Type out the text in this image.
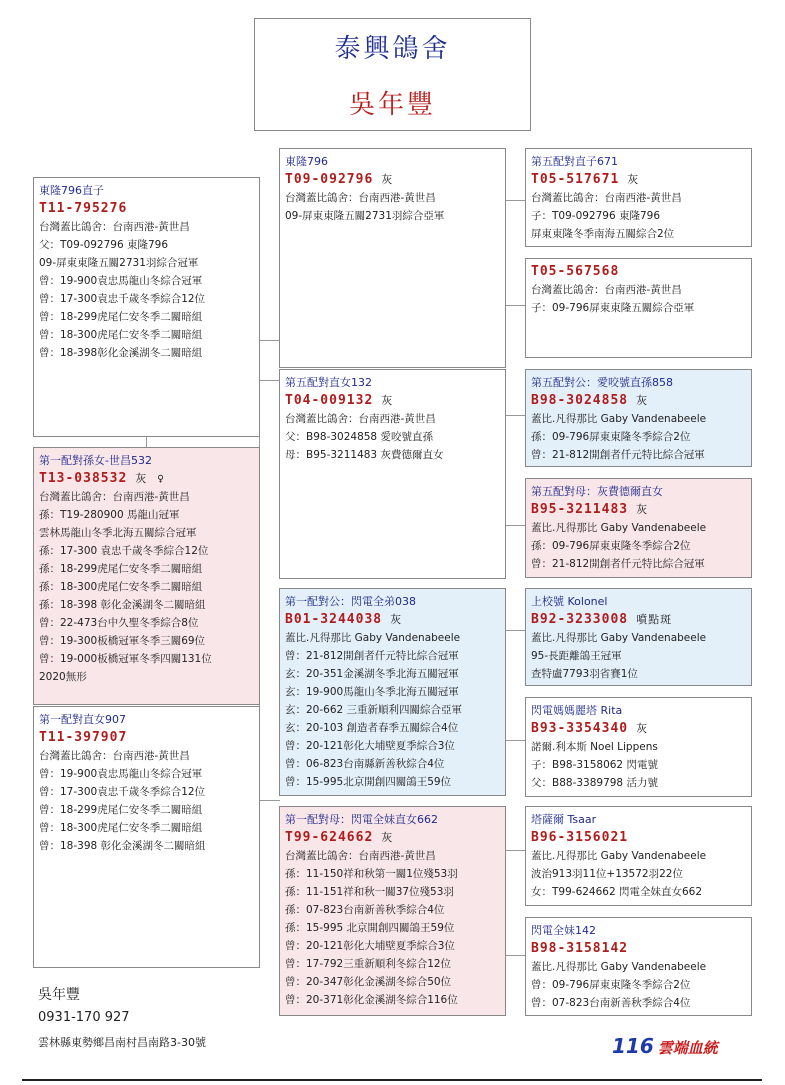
泰興鴿舍
吳年豐
東隆796直子
T11-795276
台灣蓋比鴿舍：台南西港-黃世昌
父：T09-092796 東隆796
09-屏東東隆五關2731羽綜合冠軍
曾：19-900袁忠馬龍山冬綜合冠軍
曾：17-300袁忠千歲冬季綜合12位
曾：18-299虎尾仁安冬季二關暗組
曾：18-300虎尾仁安冬季二關暗組
曾：18-398彰化金溪湖冬二關暗組
第一配對孫女-世昌532
T13-038532 灰 ♀
台灣蓋比鴿舍：台南西港-黃世昌
孫：T19-280900 馬龍山冠軍
雲林馬龍山冬季北海五關綜合冠軍
孫：17-300 袁忠千歲冬季綜合12位
孫：18-299虎尾仁安冬季二關暗組
孫：18-300虎尾仁安冬季二關暗組
孫：18-398 彰化金溪湖冬二關暗組
曾：22-473台中久聖冬季綜合8位
曾：19-300板橋冠軍冬季三關69位
曾：19-000板橋冠軍冬季四關131位
2020無形
第一配對直女907
T11-397907
台灣蓋比鴿舍：台南西港-黃世昌
曾：19-900袁忠馬龍山冬綜合冠軍
曾：17-300袁忠千歲冬季綜合12位
曾：18-299虎尾仁安冬季二關暗組
曾：18-300虎尾仁安冬季二關暗組
曾：18-398 彰化金溪湖冬二關暗組
東隆796
T09-092796 灰
台灣蓋比鴿舍：台南西港-黃世昌
09-屏東東隆五關2731羽綜合亞軍
第五配對直女132
T04-009132 灰
台灣蓋比鴿舍：台南西港-黃世昌
父：B98-3024858 愛咬號直孫
母：B95-3211483 灰費德爾直女
第一配對公：閃電全弟038
B01-3244038 灰
蓋比.凡得那比 Gaby Vandenabeele
曾：21-812開創者仟元特比綜合冠軍
玄：20-351金溪湖冬季北海五關冠軍
玄：19-900馬龍山冬季北海五關冠軍
玄：20-662 三重新順利四關綜合亞軍
玄：20-103 創造者春季五關綜合4位
曾：20-121彰化大埔壁夏季綜合3位
曾：06-823台南縣新善秋綜合4位
曾：15-995北京開創四關鴿王59位
第一配對母：閃電全妹直女662
T99-624662 灰
台灣蓋比鴿舍：台南西港-黃世昌
孫：11-150祥和秋第一關1位殘53羽
孫：11-151祥和秋一關37位殘53羽
孫：07-823台南新善秋季綜合4位
孫：15-995 北京開創四關鴿王59位
曾：20-121彰化大埔壁夏季綜合3位
曾：17-792三重新順利冬綜合12位
曾：20-347彰化金溪湖冬綜合50位
曾：20-371彰化金溪湖冬綜合116位
第五配對直子671
T05-517671 灰
台灣蓋比鴿舍：台南西港-黃世昌
子：T09-092796 東隆796
屏東東隆冬季南海五關綜合2位
T05-567568
台灣蓋比鴿舍：台南西港-黃世昌
子：09-796屏東東隆五關綜合亞軍
第五配對公：愛咬號直孫858
B98-3024858 灰
蓋比.凡得那比 Gaby Vandenabeele
孫：09-796屏東東隆冬季綜合2位
曾：21-812開創者仟元特比綜合冠軍
第五配對母：灰費德爾直女
B95-3211483 灰
蓋比.凡得那比 Gaby Vandenabeele
孫：09-796屏東東隆冬季綜合2位
曾：21-812開創者仟元特比綜合冠軍
上校號 Kolonel
B92-3233008 噴點斑
蓋比.凡得那比 Gaby Vandenabeele
95-長距離鴿王冠軍
查特盧7793羽省賽1位
閃電媽媽麗塔 Rita
B93-3354340 灰
諾爾.利本斯 Noel Lippens
子：B98-3158062 閃電號
父：B88-3389798 活力號
塔薩爾 Tsaar
B96-3156021
蓋比.凡得那比 Gaby Vandenabeele
波治913羽11位+13572羽22位
女：T99-624662 閃電全妹直女662
閃電全妹142
B98-3158142
蓋比.凡得那比 Gaby Vandenabeele
曾：09-796屏東東隆冬季綜合2位
曾：07-823台南新善秋季綜合4位
吳年豐
0931-170 927
雲林縣東勢鄉昌南村昌南路3-30號	116 雲端血統
